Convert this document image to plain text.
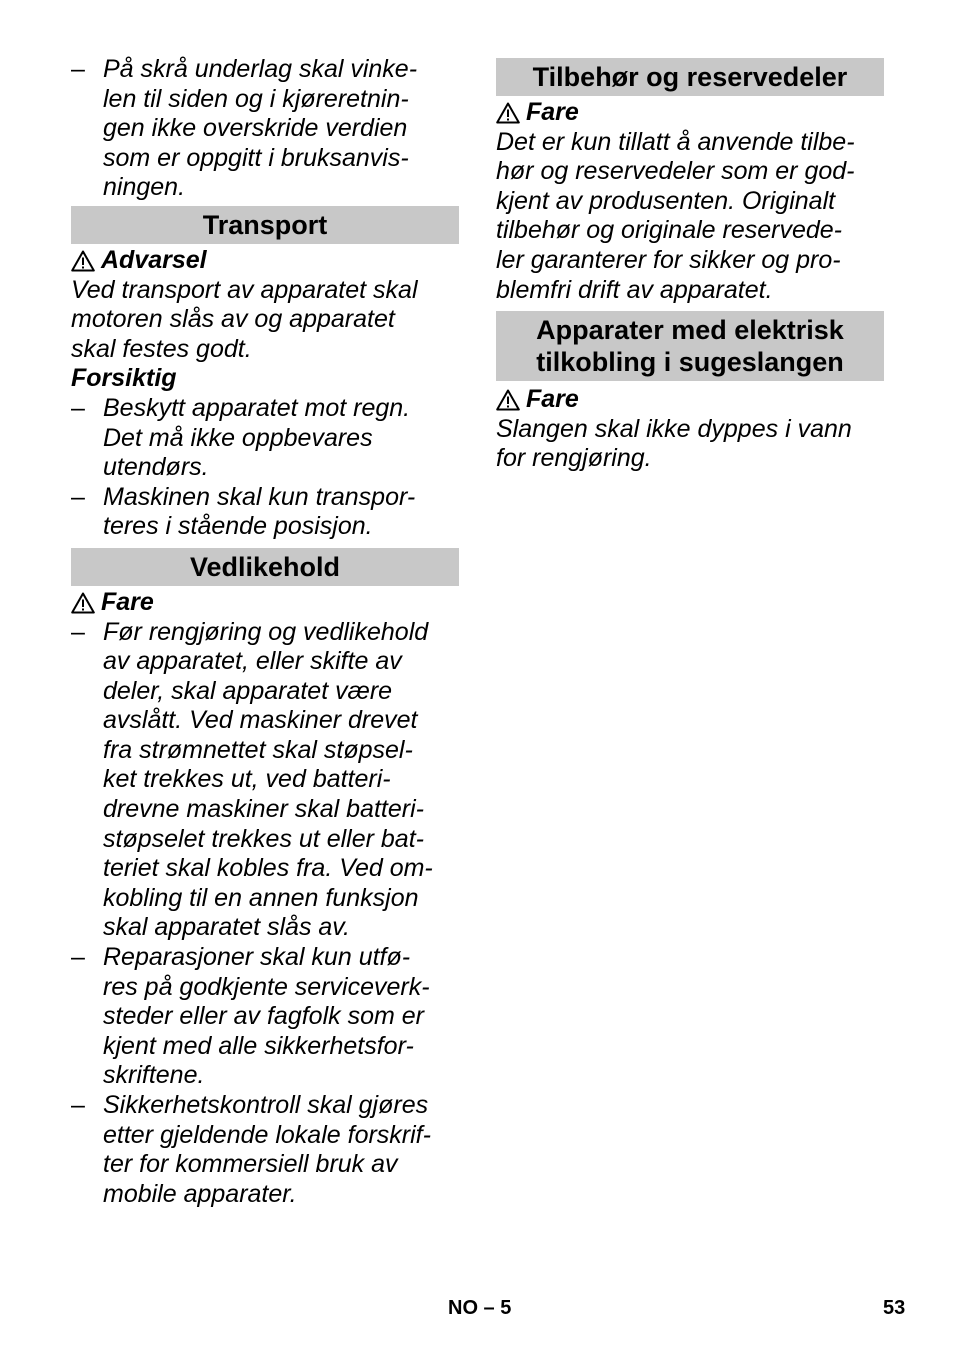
– På skrå underlag skal vinke-
len til siden og i kjøreretnin-
gen ikke overskride verdien
som er oppgitt i bruksanvis-
ningen.
Transport
Advarsel

Ved transport av apparatet skal
motoren slås av og apparatet
skal festes godt.

Forsiktig
– Beskytt apparatet mot regn.
Det må ikke oppbevares
utendørs.
– Maskinen skal kun transpor-
teres i stående posisjon.
Vedlikehold
Fare
– Før rengjøring og vedlikehold
av apparatet, eller skifte av
deler, skal apparatet være
avslått. Ved maskiner drevet
fra strømnettet skal støpsel-
ket trekkes ut, ved batteri-
drevne maskiner skal batteri-
støpselet trekkes ut eller bat-
teriet skal kobles fra. Ved om-
kobling til en annen funksjon
skal apparatet slås av.
– Reparasjoner skal kun utfø-
res på godkjente serviceverk-
steder eller av fagfolk som er
kjent med alle sikkerhetsfor-
skriftene.
– Sikkerhetskontroll skal gjøres
etter gjeldende lokale forskrif-
ter for kommersiell bruk av
mobile apparater.
Tilbehør og reservedeler
Fare

Det er kun tillatt å anvende tilbe-
hør og reservedeler som er god-
kjent av produsenten. Originalt
tilbehør og originale reservede-
ler garanterer for sikker og pro-
blemfri drift av apparatet.

Apparater med elektrisk
tilkobling i sugeslangen
Fare

Slangen skal ikke dyppes i vann
for rengjøring.

NO – 5	53
